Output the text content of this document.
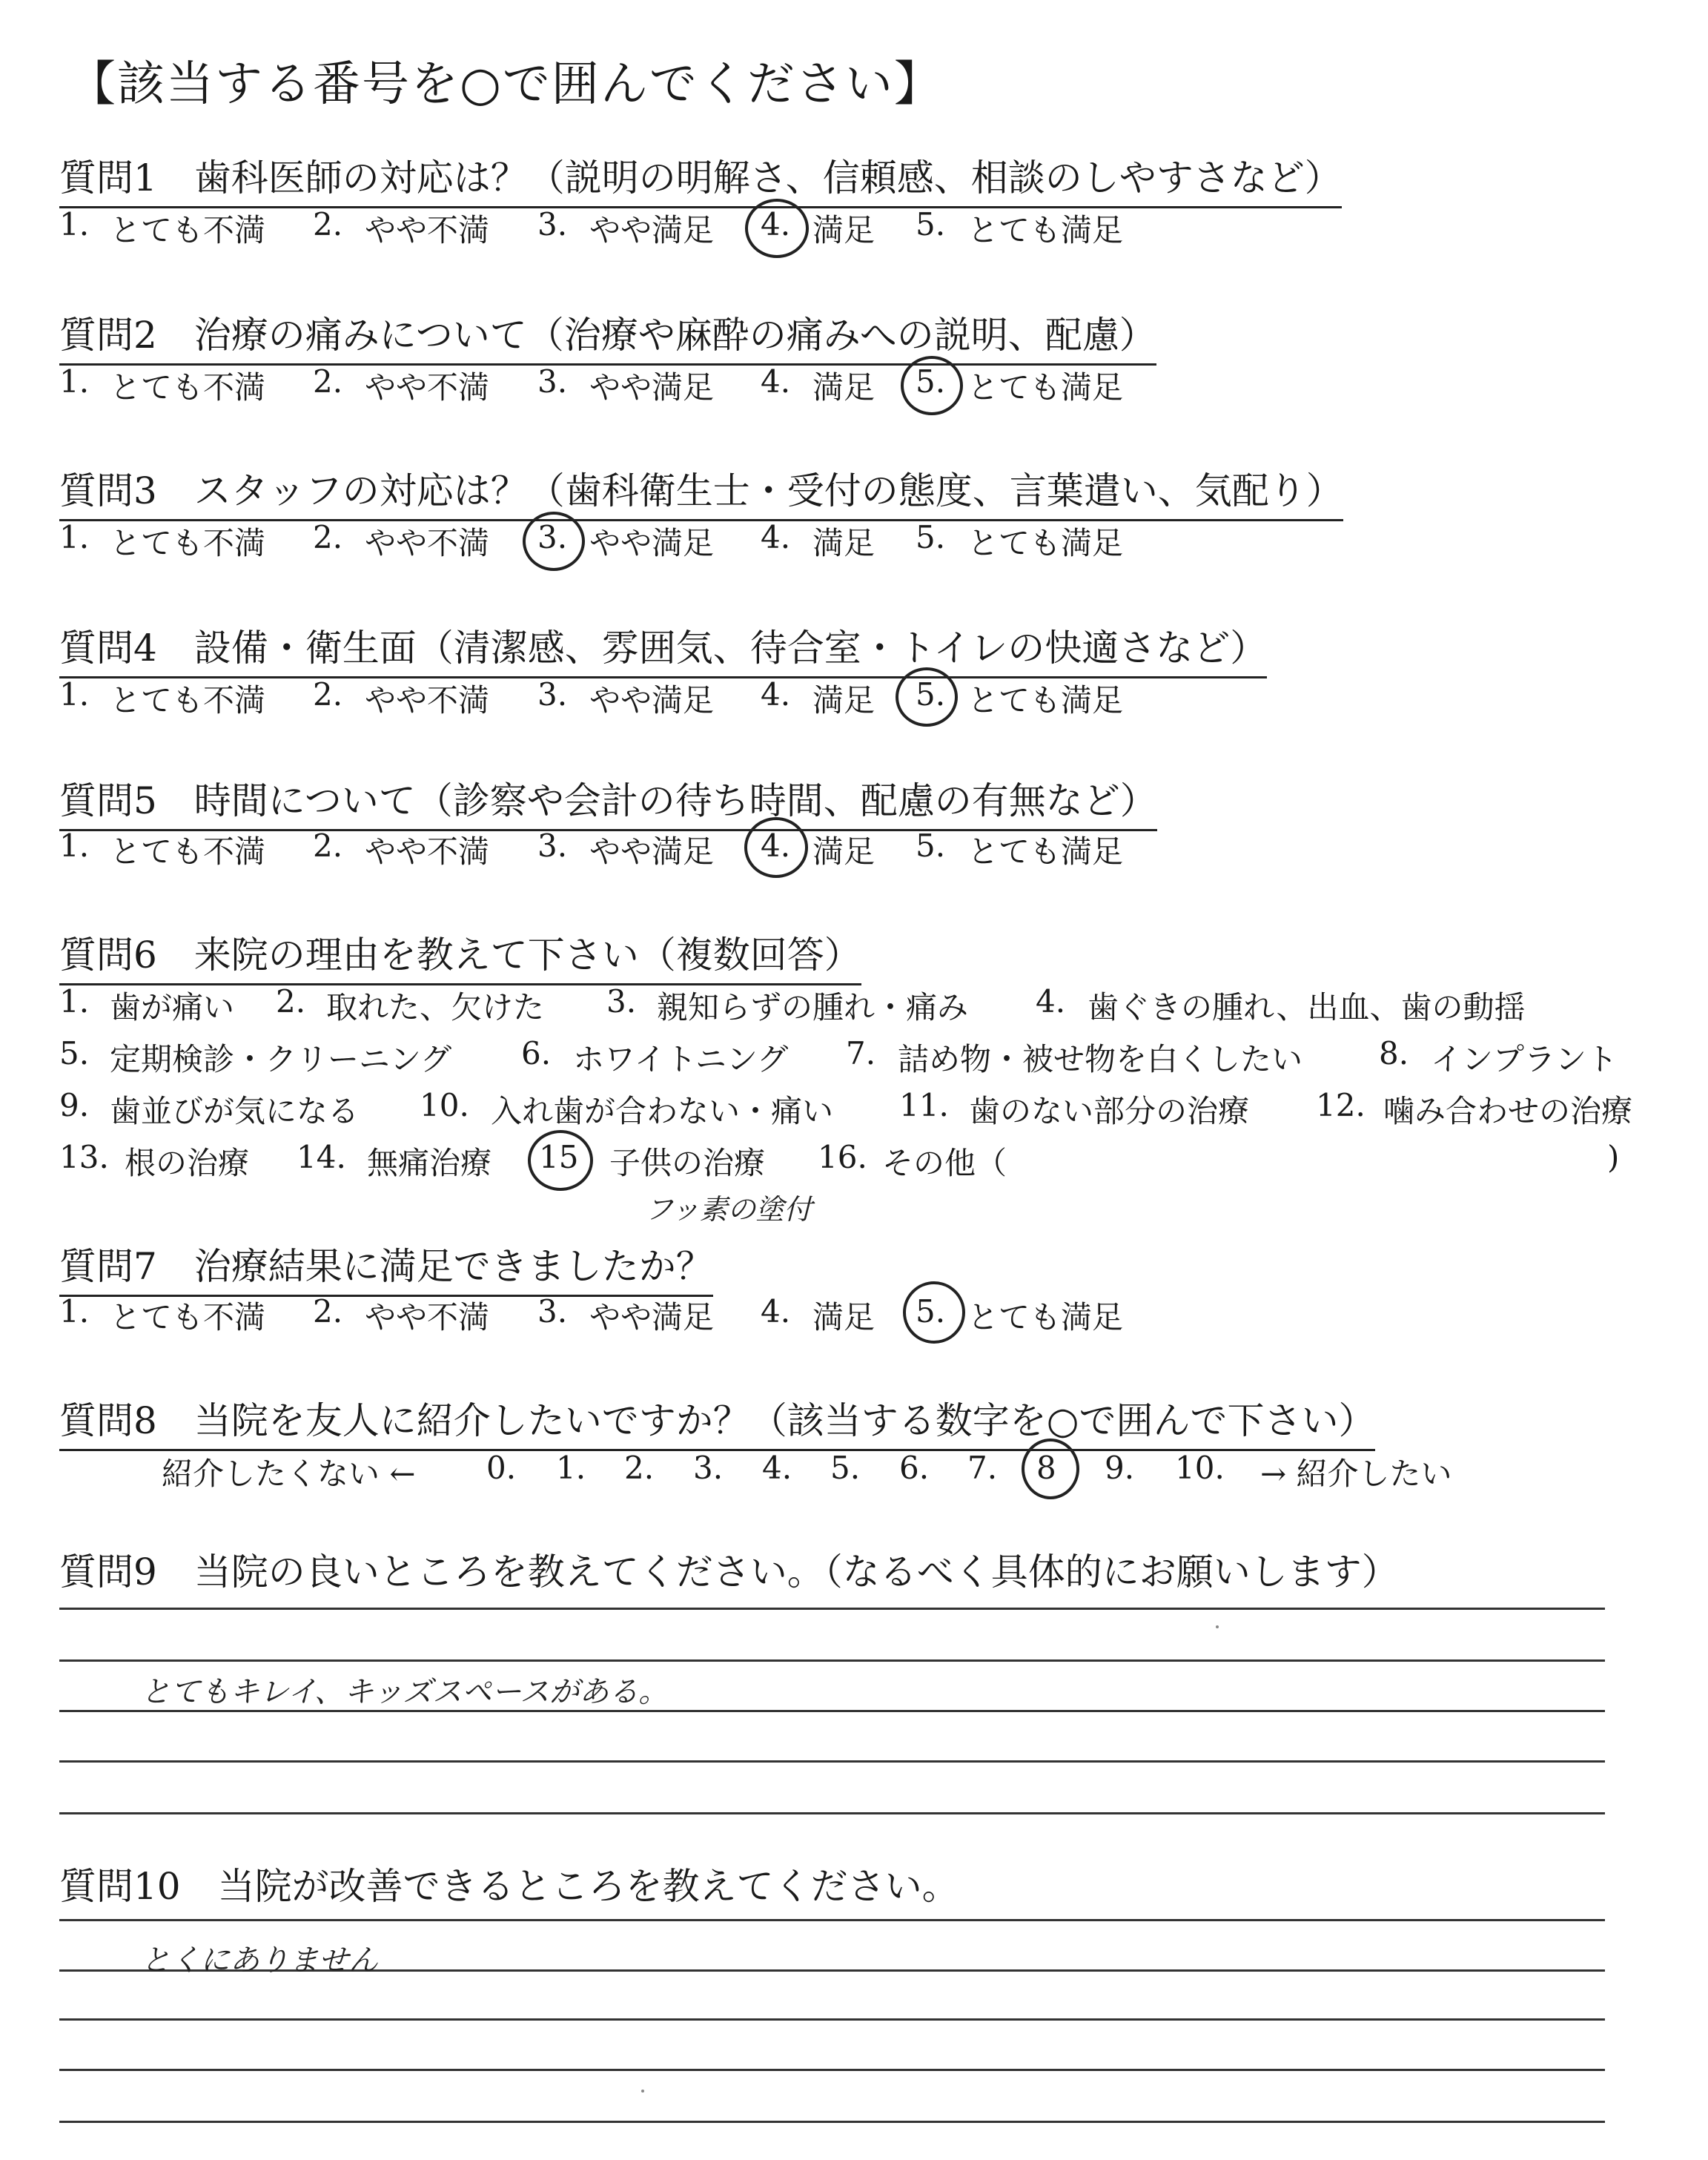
【該当する番号を○で囲んでください】
質問1　歯科医師の対応は？（説明の明解さ、信頼感、相談のしやすさなど）
1. とても不満 2. やや不満 3. やや満足 4. 満足 5. とても満足
質問2　治療の痛みについて（治療や麻酔の痛みへの説明、配慮）
1. とても不満 2. やや不満 3. やや満足 4. 満足 5. とても満足
質問3　スタッフの対応は？（歯科衛生士・受付の態度、言葉遣い、気配り）
1. とても不満 2. やや不満 3. やや満足 4. 満足 5. とても満足
質問4　設備・衛生面（清潔感、雰囲気、待合室・トイレの快適さなど）
1. とても不満 2. やや不満 3. やや満足 4. 満足 5. とても満足
質問5　時間について（診察や会計の待ち時間、配慮の有無など）
1. とても不満 2. やや不満 3. やや満足 4. 満足 5. とても満足
質問6　来院の理由を教えて下さい（複数回答）
1. 歯が痛い 2. 取れた、欠けた 3. 親知らずの腫れ・痛み 4. 歯ぐきの腫れ、出血、歯の動揺
5. 定期検診・クリーニング 6. ホワイトニング 7. 詰め物・被せ物を白くしたい 8. インプラント
9. 歯並びが気になる 10. 入れ歯が合わない・痛い 11. 歯のない部分の治療 12. 噛み合わせの治療
13. 根の治療 14. 無痛治療 15 子供の治療 16. その他（	)
フッ素の塗付
質問7　治療結果に満足できましたか？
1. とても不満 2. やや不満 3. やや満足 4. 満足 5. とても満足
質問8　当院を友人に紹介したいですか？（該当する数字を○で囲んで下さい）
紹介したくない ← 0. 1. 2. 3. 4. 5. 6. 7. 8 9. 10. → 紹介したい
質問9　当院の良いところを教えてください。（なるべく具体的にお願いします）
とてもキレイ、キッズスペースがある。
質問10　当院が改善できるところを教えてください。
とくにありません
